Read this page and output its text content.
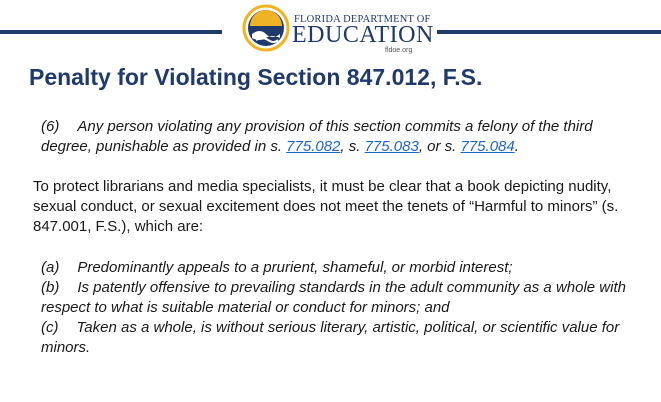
FLORIDA DEPARTMENT OF
EDUCATION
fldoe.org
Penalty for Violating Section 847.012, F.S.

(6) Any person violating any provision of this section commits a felony of the third degree, punishable as provided in s. 775.082, s. 775.083, or s. 775.084.

To protect librarians and media specialists, it must be clear that a book depicting nudity, sexual conduct, or sexual excitement does not meet the tenets of “Harmful to minors” (s. 847.001, F.S.), which are:

(a) Predominantly appeals to a prurient, shameful, or morbid interest;
(b) Is patently offensive to prevailing standards in the adult community as a whole with respect to what is suitable material or conduct for minors; and
(c) Taken as a whole, is without serious literary, artistic, political, or scientific value for minors.
